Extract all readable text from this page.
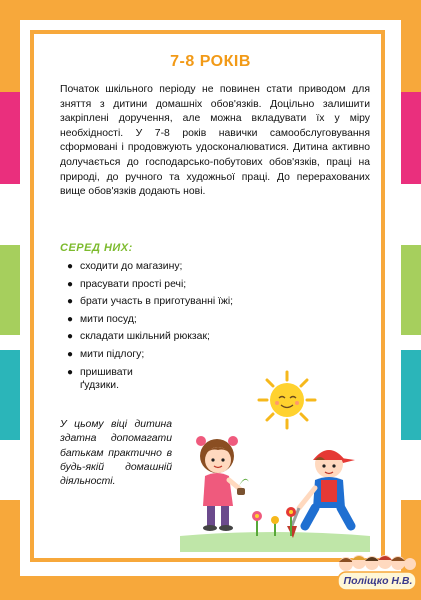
7-8 РОКІВ
Початок шкільного періоду не повинен стати приводом для зняття з дитини домашніх обов'язків. Доцільно залишити закріплені доручення, але можна вкладувати їх у міру необхідності. У 7-8 років навички самообслуговування сформовані і продовжують удосконалюватися. Дитина активно долучається до господарсько-побутових обов'язків, праці на природі, до ручного та художньої праці. До перерахованих вище обов'язків додають нові.
СЕРЕД НИХ:
● сходити до магазину;
● прасувати прості речі;
● брати участь в приготуванні їжі;
● мити посуд;
● складати шкільний рюкзак;
● мити підлогу;
● пришивати ґудзики.
У цьому віці дитина здатна допомагати батькам практично в будь-якій домашній діяльності.
Поліщко Н.В.
